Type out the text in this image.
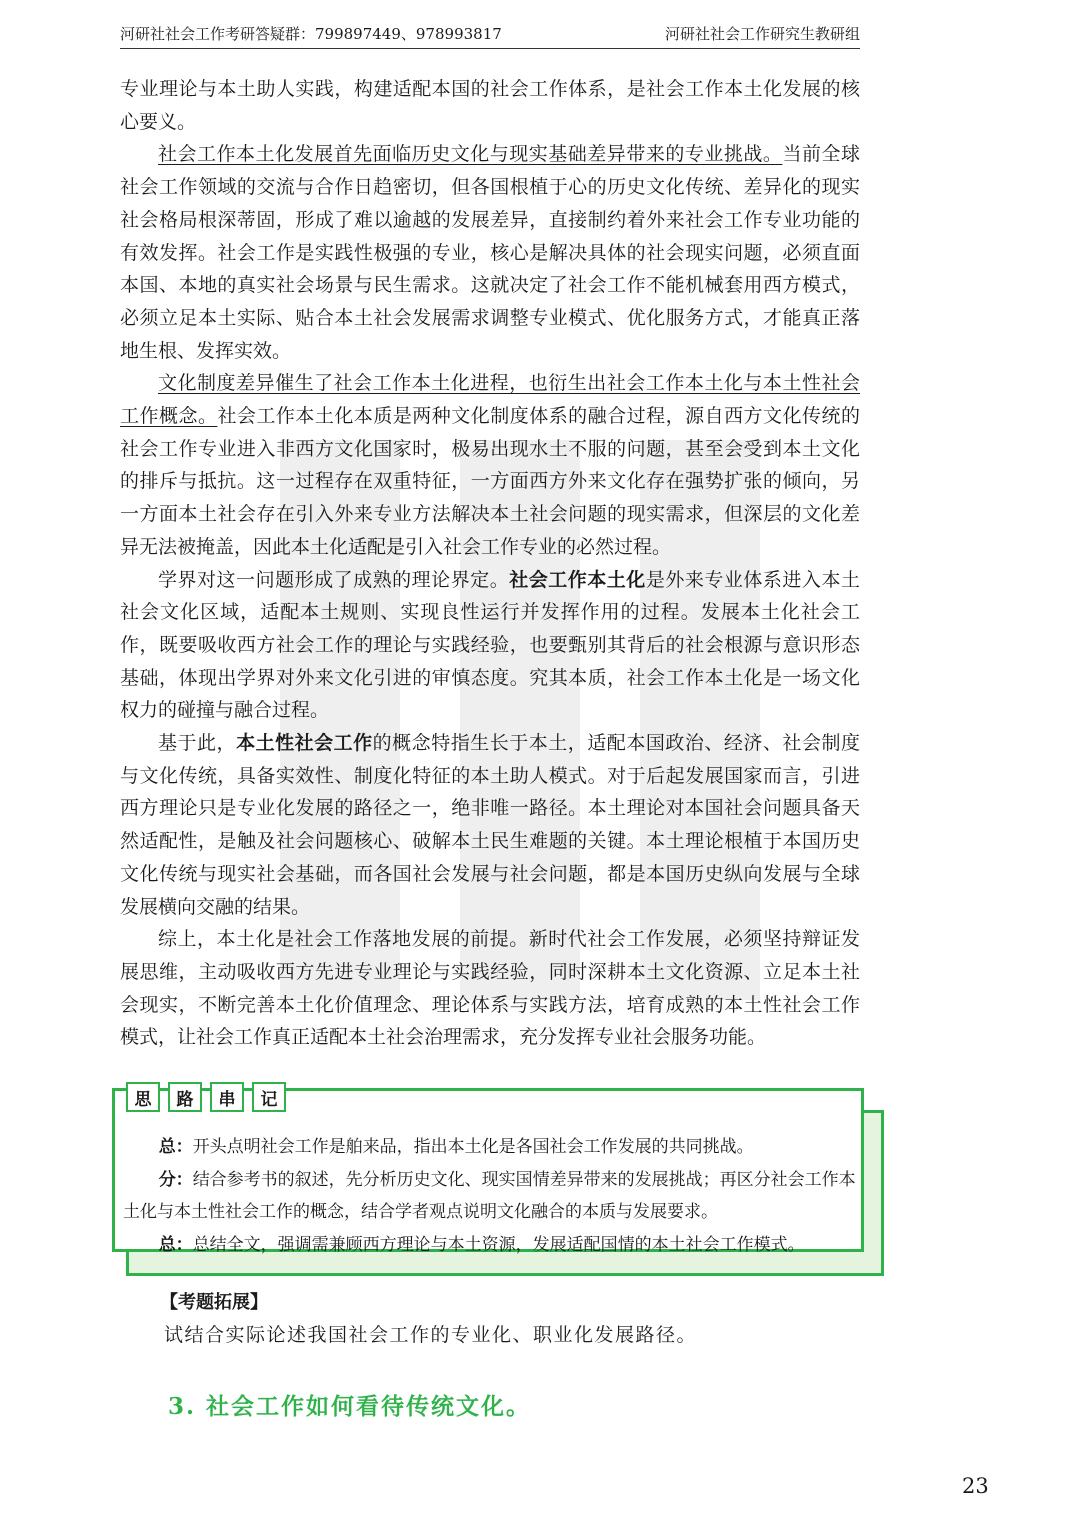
河研社社会工作考研答疑群：799897449、978993817	河研社社会工作研究生教研组

专业理论与本土助人实践，构建适配本国的社会工作体系，是社会工作本土化发展的核心要义。

社会工作本土化发展首先面临历史文化与现实基础差异带来的专业挑战。当前全球社会工作领域的交流与合作日趋密切，但各国根植于心的历史文化传统、差异化的现实社会格局根深蒂固，形成了难以逾越的发展差异，直接制约着外来社会工作专业功能的有效发挥。社会工作是实践性极强的专业，核心是解决具体的社会现实问题，必须直面本国、本地的真实社会场景与民生需求。这就决定了社会工作不能机械套用西方模式，必须立足本土实际、贴合本土社会发展需求调整专业模式、优化服务方式，才能真正落地生根、发挥实效。

文化制度差异催生了社会工作本土化进程，也衍生出社会工作本土化与本土性社会工作概念。社会工作本土化本质是两种文化制度体系的融合过程，源自西方文化传统的社会工作专业进入非西方文化国家时，极易出现水土不服的问题，甚至会受到本土文化的排斥与抵抗。这一过程存在双重特征，一方面西方外来文化存在强势扩张的倾向，另一方面本土社会存在引入外来专业方法解决本土社会问题的现实需求，但深层的文化差异无法被掩盖，因此本土化适配是引入社会工作专业的必然过程。

学界对这一问题形成了成熟的理论界定。社会工作本土化是外来专业体系进入本土社会文化区域，适配本土规则、实现良性运行并发挥作用的过程。发展本土化社会工作，既要吸收西方社会工作的理论与实践经验，也要甄别其背后的社会根源与意识形态基础，体现出学界对外来文化引进的审慎态度。究其本质，社会工作本土化是一场文化权力的碰撞与融合过程。

基于此，本土性社会工作的概念特指生长于本土，适配本国政治、经济、社会制度与文化传统，具备实效性、制度化特征的本土助人模式。对于后起发展国家而言，引进西方理论只是专业化发展的路径之一，绝非唯一路径。本土理论对本国社会问题具备天然适配性，是触及社会问题核心、破解本土民生难题的关键。本土理论根植于本国历史文化传统与现实社会基础，而各国社会发展与社会问题，都是本国历史纵向发展与全球发展横向交融的结果。

综上，本土化是社会工作落地发展的前提。新时代社会工作发展，必须坚持辩证发展思维，主动吸收西方先进专业理论与实践经验，同时深耕本土文化资源、立足本土社会现实，不断完善本土化价值理念、理论体系与实践方法，培育成熟的本土性社会工作模式，让社会工作真正适配本土社会治理需求，充分发挥专业社会服务功能。

总：开头点明社会工作是舶来品，指出本土化是各国社会工作发展的共同挑战。

分：结合参考书的叙述，先分析历史文化、现实国情差异带来的发展挑战；再区分社会工作本土化与本土性社会工作的概念，结合学者观点说明文化融合的本质与发展要求。

总：总结全文，强调需兼顾西方理论与本土资源，发展适配国情的本土社会工作模式。

思	路	串	记
【考题拓展】
试结合实际论述我国社会工作的专业化、职业化发展路径。
3. 社会工作如何看待传统文化。
23
